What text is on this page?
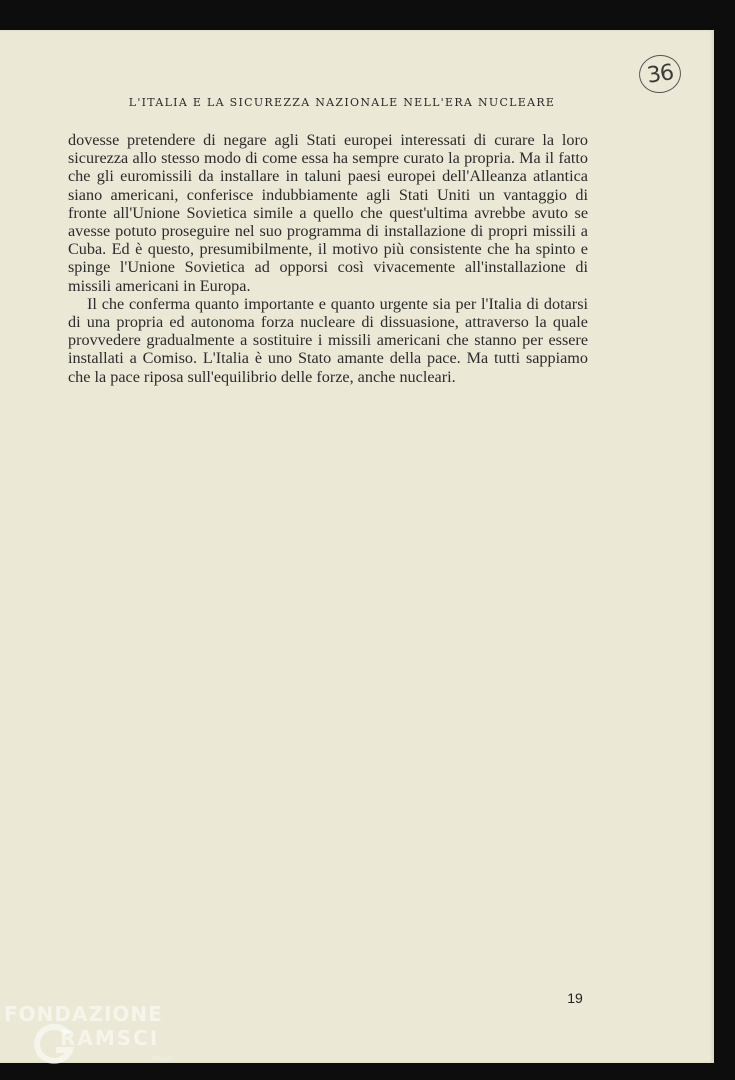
36
L'ITALIA E LA SICUREZZA NAZIONALE NELL'ERA NUCLEARE

dovesse pretendere di negare agli Stati europei interessati di curare la loro sicurezza allo stesso modo di come essa ha sempre curato la propria. Ma il fatto che gli euromissili da installare in taluni paesi europei dell'Alleanza atlantica siano americani, conferisce indubbiamente agli Stati Uniti un vantaggio di fronte all'Unione Sovietica simile a quello che quest'ultima avrebbe avuto se avesse potuto proseguire nel suo programma di installazione di propri missili a Cuba. Ed è questo, presumibilmente, il motivo più consistente che ha spinto e spinge l'Unione Sovietica ad opporsi così vivacemente all'installazione di missili americani in Europa.

Il che conferma quanto importante e quanto urgente sia per l'Italia di dotarsi di una propria ed autonoma forza nucleare di dissuasione, attraverso la quale provvedere gradualmente a sostituire i missili americani che stanno per essere installati a Comiso. L'Italia è uno Stato amante della pace. Ma tutti sappiamo che la pace riposa sull'equilibrio delle forze, anche nucleari.

19
FONDAZIONE
RAMSCI
onlus
